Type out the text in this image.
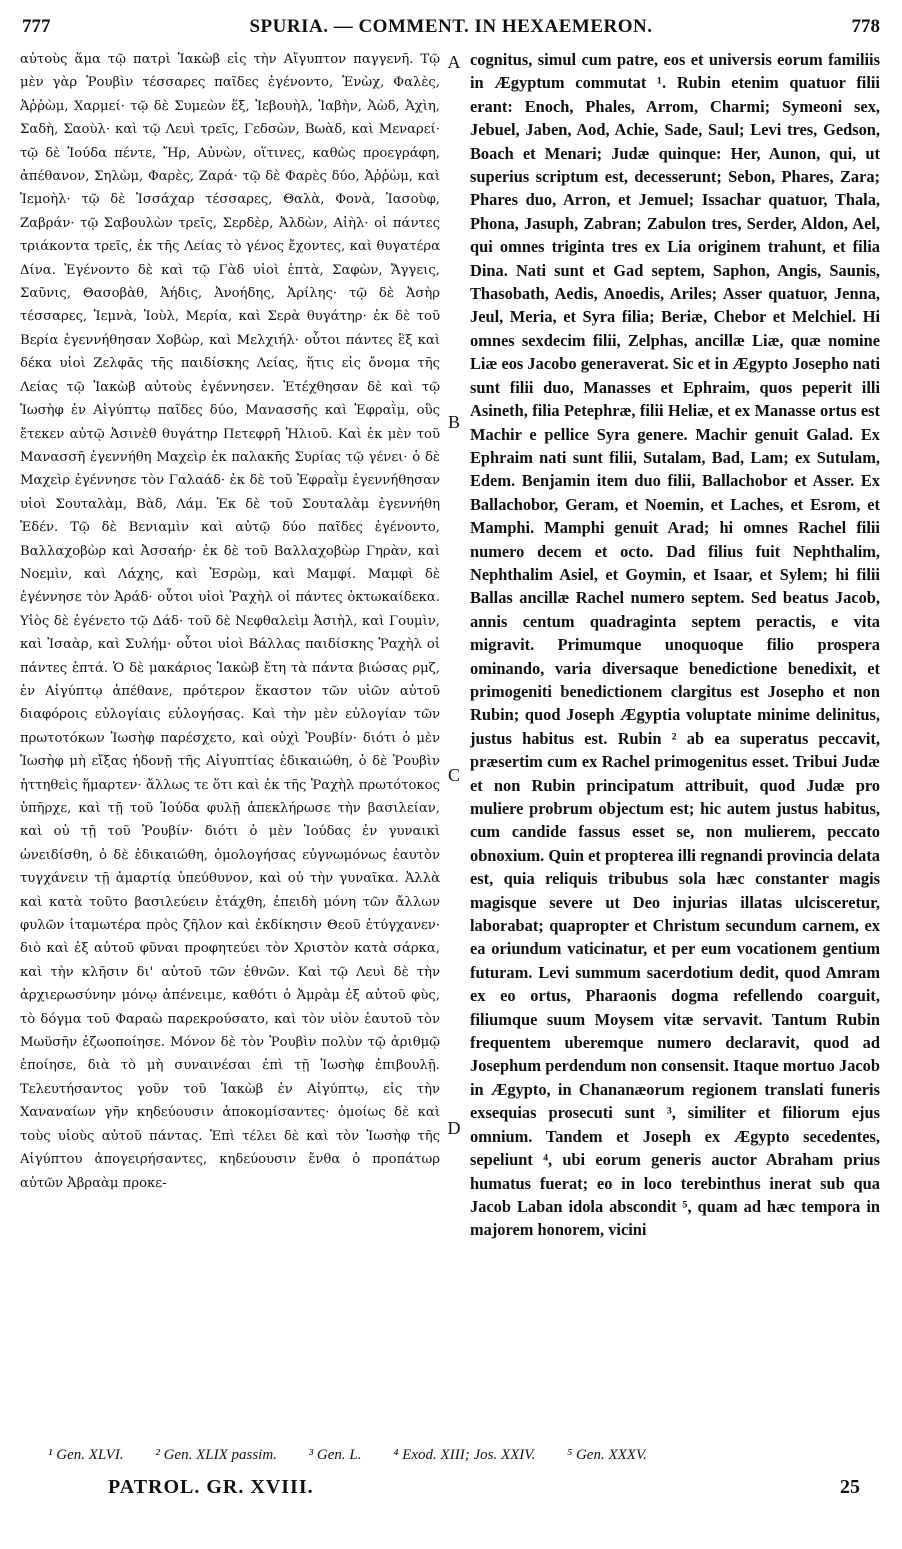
777	SPURIA. — COMMENT. IN HEXAEMERON.	778

αὐτοὺς ἅμα τῷ πατρὶ Ἰακὼβ εἰς τὴν Αἴγυπτον παγγενῆ. Τῷ μὲν γὰρ Ῥουβὶν τέσσαρες παῖδες ἐγένοντο, Ἐνὼχ, Φαλὲς, Ἀῤῥὼμ, Χαρμεί· τῷ δὲ Συμεὼν ἕξ, Ἰεβουὴλ, Ἰαβὴν, Ἀὼδ, Ἀχὶη, Σαδὴ, Σαοὺλ· καὶ τῷ Λευὶ τρεῖς, Γεδσὼν, Βωὰδ, καὶ Μεναρεί· τῷ δὲ Ἰούδα πέντε, Ἤρ, Αὐνὼν, οἵτινες, καθὼς προεγράφη, ἀπέθανον, Σηλὼμ, Φαρὲς, Ζαρά· τῷ δὲ Φαρὲς δύο, Ἀῤῥὼμ, καὶ Ἰεμοὴλ· τῷ δὲ Ἰσσάχαρ τέσσαρες, Θαλὰ, Φονὰ, Ἰασοὺφ, Ζαβράν· τῷ Σαβουλὼν τρεῖς, Σερδὲρ, Ἀλδὼν, Αἰὴλ· οἱ πάντες τριάκοντα τρεῖς, ἐκ τῆς Λείας τὸ γένος ἔχοντες, καὶ θυγατέρα Δίνα. Ἐγένοντο δὲ καὶ τῷ Γὰδ υἱοὶ ἑπτὰ, Σαφὼν, Ἄγγεις, Σαῦνις, Θασοβὰθ, Ἀήδις, Ἀνοήδης, Ἀρίλης· τῷ δὲ Ἀσὴρ τέσσαρες, Ἰεμνὰ, Ἰοὺλ, Μερία, καὶ Σερὰ θυγάτηρ· ἐκ δὲ τοῦ Βερία ἐγεννήθησαν Χοβὼρ, καὶ Μελχιήλ· οὗτοι πάντες ἓξ καὶ δέκα υἱοὶ Ζελφᾶς τῆς παιδίσκης Λείας, ἥτις εἰς ὄνομα τῆς Λείας τῷ Ἰακὼβ αὐτοὺς ἐγέννησεν. Ἐτέχθησαν δὲ καὶ τῷ Ἰωσὴφ ἐν Αἰγύπτῳ παῖδες δύο, Μανασσῆς καὶ Ἐφραῒμ, οὓς ἔτεκεν αὐτῷ Ἀσινὲθ θυγάτηρ Πετεφρῆ Ἡλιοῦ. Καὶ ἐκ μὲν τοῦ Μανασσῆ ἐγεννήθη Μαχεὶρ ἐκ παλακῆς Συρίας τῷ γένει· ὁ δὲ Μαχεὶρ ἐγέννησε τὸν Γαλαάδ· ἐκ δὲ τοῦ Ἐφραῒμ ἐγεννήθησαν υἱοὶ Σουταλὰμ, Βὰδ, Λάμ. Ἐκ δὲ τοῦ Σουταλὰμ ἐγεννήθη Ἐδέν. Τῷ δὲ Βενιαμὶν καὶ αὐτῷ δύο παῖδες ἐγένοντο, Βαλλαχοβὼρ καὶ Ἀσσαήρ· ἐκ δὲ τοῦ Βαλλαχοβὼρ Γηρὰν, καὶ Νοεμὶν, καὶ Λάχης, καὶ Ἐσρὼμ, καὶ Μαμφί. Μαμφὶ δὲ ἐγέννησε τὸν Ἀράδ· οὗτοι υἱοὶ Ῥαχὴλ οἱ πάντες ὀκτωκαίδεκα. Υἱὸς δὲ ἐγένετο τῷ Δάδ· τοῦ δὲ Νεφθαλεὶμ Ἀσιὴλ, καὶ Γουμὶν, καὶ Ἰσαὰρ, καὶ Συλήμ· οὗτοι υἱοὶ Βάλλας παιδίσκης Ῥαχὴλ οἱ πάντες ἑπτά. Ὁ δὲ μακάριος Ἰακὼβ ἔτη τὰ πάντα βιώσας ρμζ, ἐν Αἰγύπτῳ ἀπέθανε, πρότερον ἕκαστον τῶν υἱῶν αὐτοῦ διαφόροις εὐλογίαις εὐλογήσας. Καὶ τὴν μὲν εὐλογίαν τῶν πρωτοτόκων Ἰωσὴφ παρέσχετο, καὶ οὐχὶ Ῥουβίν· διότι ὁ μὲν Ἰωσὴφ μὴ εἴξας ἡδονῇ τῆς Αἰγυπτίας ἐδικαιώθη, ὁ δὲ Ῥουβὶν ἡττηθεὶς ἥμαρτεν· ἄλλως τε ὅτι καὶ ἐκ τῆς Ῥαχὴλ πρωτότοκος ὑπῆρχε, καὶ τῇ τοῦ Ἰούδα φυλῇ ἀπεκλήρωσε τὴν βασιλείαν, καὶ οὐ τῇ τοῦ Ῥουβίν· διότι ὁ μὲν Ἰούδας ἐν γυναικὶ ὠνειδίσθη, ὁ δὲ ἐδικαιώθη, ὁμολογήσας εὐγνωμόνως ἑαυτὸν τυγχάνειν τῇ ἁμαρτίᾳ ὑπεύθυνον, καὶ οὐ τὴν γυναῖκα. Ἀλλὰ καὶ κατὰ τοῦτο βασιλεύειν ἐτάχθη, ἐπειδὴ μόνη τῶν ἄλλων φυλῶν ἰταμωτέρα πρὸς ζῆλον καὶ ἐκδίκησιν Θεοῦ ἐτύγχανεν· διὸ καὶ ἐξ αὐτοῦ φῦναι προφητεύει τὸν Χριστὸν κατὰ σάρκα, καὶ τὴν κλῆσιν δι' αὐτοῦ τῶν ἐθνῶν. Καὶ τῷ Λευὶ δὲ τὴν ἀρχιερωσύνην μόνῳ ἀπένειμε, καθότι ὁ Ἀμρὰμ ἐξ αὐτοῦ φὺς, τὸ δόγμα τοῦ Φαραὼ παρεκρούσατο, καὶ τὸν υἱὸν ἑαυτοῦ τὸν Μωϋσῆν ἐζωοποίησε. Μόνον δὲ τὸν Ῥουβὶν πολὺν τῷ ἀριθμῷ ἐποίησε, διὰ τὸ μὴ συναινέσαι ἐπὶ τῇ Ἰωσὴφ ἐπιβουλῇ. Τελευτήσαντος γοῦν τοῦ Ἰακὼβ ἐν Αἰγύπτῳ, εἰς τὴν Χαναναίων γῆν κηδεύουσιν ἀποκομίσαντες· ὁμοίως δὲ καὶ τοὺς υἱοὺς αὐτοῦ πάντας. Ἐπὶ τέλει δὲ καὶ τὸν Ἰωσὴφ τῆς Αἰγύπτου ἀπογειρήσαντες, κηδεύουσιν ἔνθα ὁ προπάτωρ αὐτῶν Ἀβραὰμ προκε-

A
B
C
D

cognitus, simul cum patre, eos et universis eorum familiis in Ægyptum commutat ¹. Rubin etenim quatuor filii erant: Enoch, Phales, Arrom, Charmi; Symeoni sex, Jebuel, Jaben, Aod, Achie, Sade, Saul; Levi tres, Gedson, Boach et Menari; Judæ quinque: Her, Aunon, qui, ut superius scriptum est, decesserunt; Sebon, Phares, Zara; Phares duo, Arron, et Jemuel; Issachar quatuor, Thala, Phona, Jasuph, Zabran; Zabulon tres, Serder, Aldon, Ael, qui omnes triginta tres ex Lia originem trahunt, et filia Dina. Nati sunt et Gad septem, Saphon, Angis, Saunis, Thasobath, Aedis, Anoedis, Ariles; Asser quatuor, Jenna, Jeul, Meria, et Syra filia; Beriæ, Chebor et Melchiel. Hi omnes sexdecim filii, Zelphas, ancillæ Liæ, quæ nomine Liæ eos Jacobo generaverat. Sic et in Ægypto Josepho nati sunt filii duo, Manasses et Ephraim, quos peperit illi Asineth, filia Petephræ, filii Heliæ, et ex Manasse ortus est Machir e pellice Syra genere. Machir genuit Galad. Ex Ephraim nati sunt filii, Sutalam, Bad, Lam; ex Sutulam, Edem. Benjamin item duo filii, Ballachobor et Asser. Ex Ballachobor, Geram, et Noemin, et Laches, et Esrom, et Mamphi. Mamphi genuit Arad; hi omnes Rachel filii numero decem et octo. Dad filius fuit Nephthalim, Nephthalim Asiel, et Goymin, et Isaar, et Sylem; hi filii Ballas ancillæ Rachel numero septem. Sed beatus Jacob, annis centum quadraginta septem peractis, e vita migravit. Primumque unoquoque filio prospera ominando, varia diversaque benedictione benedixit, et primogeniti benedictionem clargitus est Josepho et non Rubin; quod Joseph Ægyptia voluptate minime delinitus, justus habitus est. Rubin ² ab ea superatus peccavit, præsertim cum ex Rachel primogenitus esset. Tribui Judæ et non Rubin principatum attribuit, quod Judæ pro muliere probrum objectum est; hic autem justus habitus, cum candide fassus esset se, non mulierem, peccato obnoxium. Quin et propterea illi regnandi provincia delata est, quia reliquis tribubus sola hæc constanter magis magisque severe ut Deo injurias illatas ulcisceretur, laborabat; quapropter et Christum secundum carnem, ex ea oriundum vaticinatur, et per eum vocationem gentium futuram. Levi summum sacerdotium dedit, quod Amram ex eo ortus, Pharaonis dogma refellendo coarguit, filiumque suum Moysem vitæ servavit. Tantum Rubin frequentem uberemque numero declaravit, quod ad Josephum perdendum non consensit. Itaque mortuo Jacob in Ægypto, in Chananæorum regionem translati funeris exsequias prosecuti sunt ³, similiter et filiorum ejus omnium. Tandem et Joseph ex Ægypto secedentes, sepeliunt ⁴, ubi eorum generis auctor Abraham prius humatus fuerat; eo in loco terebinthus inerat sub qua Jacob Laban idola abscondit ⁵, quam ad hæc tempora in majorem honorem, vicini

¹ Gen. XLVI. ² Gen. XLIX passim. ³ Gen. L. ⁴ Exod. XIII; Jos. XXIV. ⁵ Gen. XXXV.
PATROL. GR. XVIII.	25
